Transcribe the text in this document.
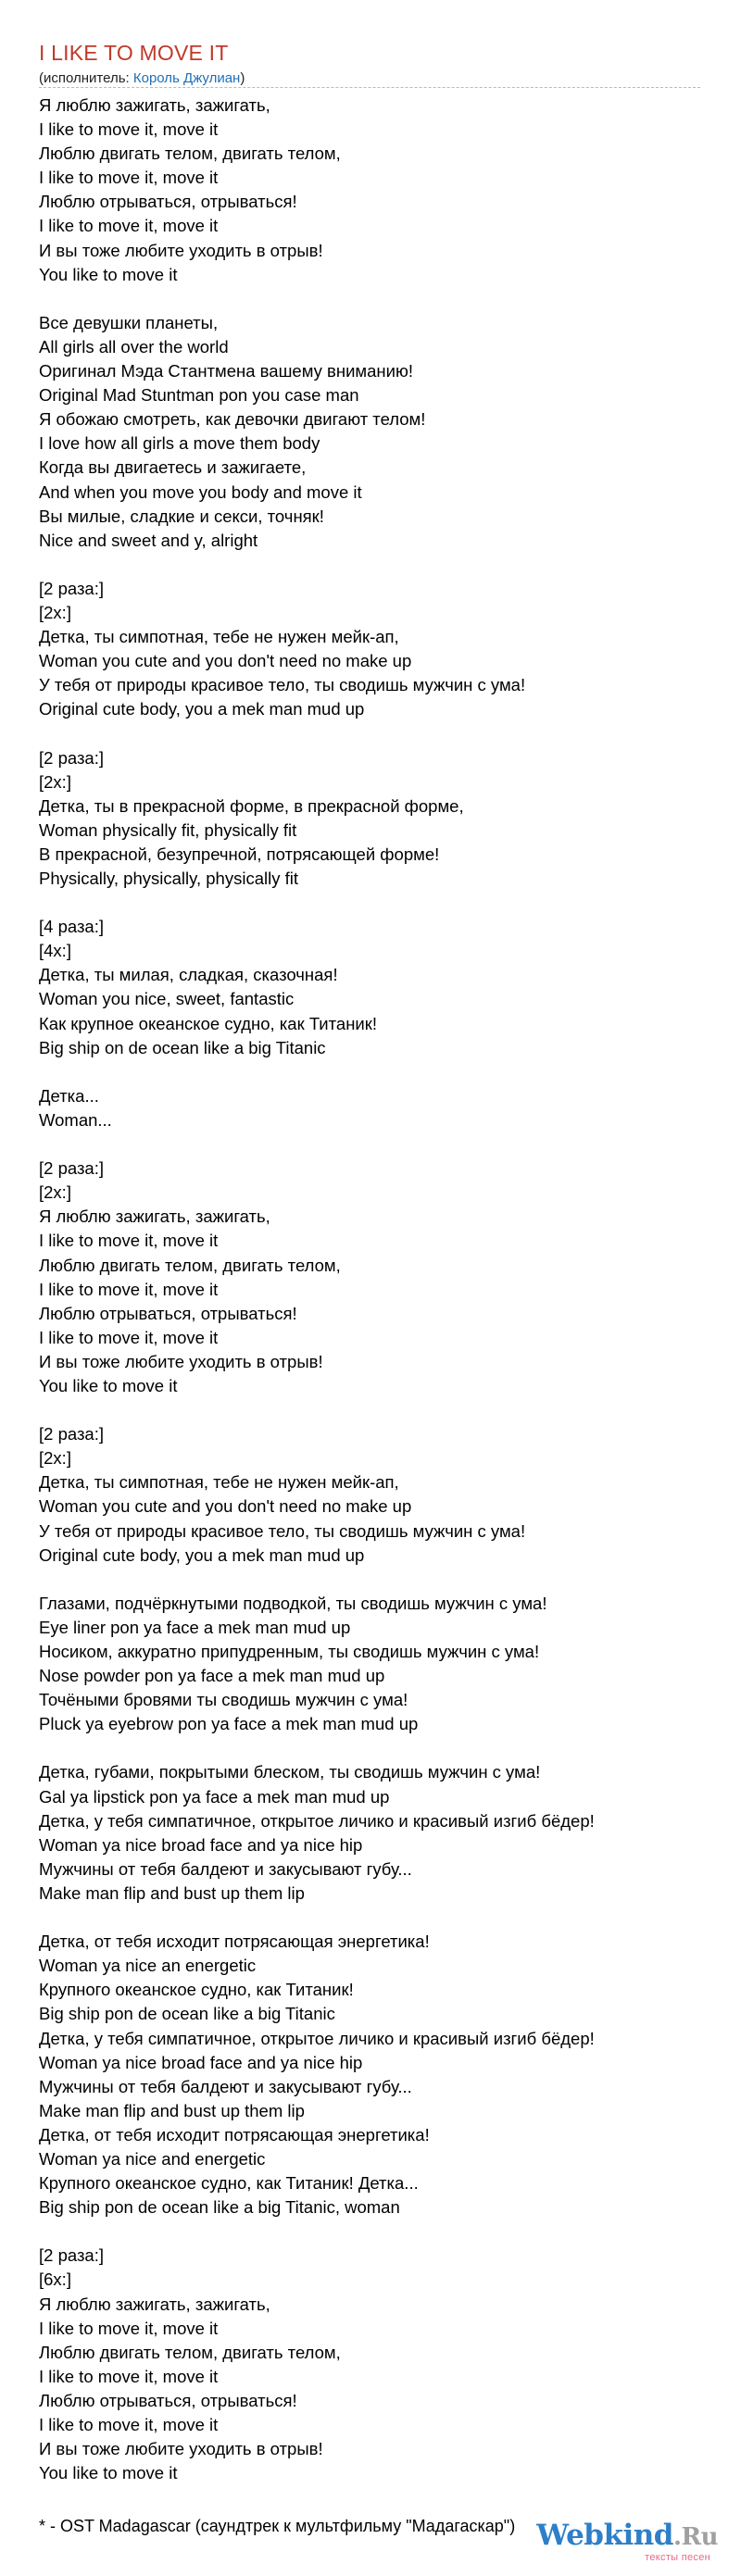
I LIKE TO MOVE IT
(исполнитель: Король Джулиан)
Я люблю зажигать, зажигать,
I like to move it, move it
Люблю двигать телом, двигать телом,
I like to move it, move it
Люблю отрываться, отрываться!
I like to move it, move it
И вы тоже любите уходить в отрыв!
You like to move it
Все девушки планеты,
All girls all over the world
Оригинал Мэда Стантмена вашему вниманию!
Original Mad Stuntman pon you case man
Я обожаю смотреть, как девочки двигают телом!
I love how all girls a move them body
Когда вы двигаетесь и зажигаете,
And when you move you body and move it
Вы милые, сладкие и секси, точняк!
Nice and sweet and y, alright
[2 раза:]
[2x:]
Детка, ты симпотная, тебе не нужен мейк-ап,
Woman you cute and you don't need no make up
У тебя от природы красивое тело, ты сводишь мужчин с ума!
Original cute body, you a mek man mud up
[2 раза:]
[2x:]
Детка, ты в прекрасной форме, в прекрасной форме,
Woman physically fit, physically fit
В прекрасной, безупречной, потрясающей форме!
Physically, physically, physically fit
[4 раза:]
[4x:]
Детка, ты милая, сладкая, сказочная!
Woman you nice, sweet, fantastic
Как крупное океанское судно, как Титаник!
Big ship on de ocean like a big Titanic
Детка...
Woman...
[2 раза:]
[2x:]
Я люблю зажигать, зажигать,
I like to move it, move it
Люблю двигать телом, двигать телом,
I like to move it, move it
Люблю отрываться, отрываться!
I like to move it, move it
И вы тоже любите уходить в отрыв!
You like to move it
[2 раза:]
[2x:]
Детка, ты симпотная, тебе не нужен мейк-ап,
Woman you cute and you don't need no make up
У тебя от природы красивое тело, ты сводишь мужчин с ума!
Original cute body, you a mek man mud up
Глазами, подчёркнутыми подводкой, ты сводишь мужчин с ума!
Eye liner pon ya face a mek man mud up
Носиком, аккуратно припудренным, ты сводишь мужчин с ума!
Nose powder pon ya face a mek man mud up
Точёными бровями ты сводишь мужчин с ума!
Pluck ya eyebrow pon ya face a mek man mud up
Детка, губами, покрытыми блеском, ты сводишь мужчин с ума!
Gal ya lipstick pon ya face a mek man mud up
Детка, у тебя симпатичное, открытое личико и красивый изгиб бёдер!
Woman ya nice broad face and ya nice hip
Мужчины от тебя балдеют и закусывают губу...
Make man flip and bust up them lip
Детка, от тебя исходит потрясающая энергетика!
Woman ya nice an energetic
Крупного океанское судно, как Титаник!
Big ship pon de ocean like a big Titanic
Детка, у тебя симпатичное, открытое личико и красивый изгиб бёдер!
Woman ya nice broad face and ya nice hip
Мужчины от тебя балдеют и закусывают губу...
Make man flip and bust up them lip
Детка, от тебя исходит потрясающая энергетика!
Woman ya nice and energetic
Крупного океанское судно, как Титаник! Детка...
Big ship pon de ocean like a big Titanic, woman
[2 раза:]
[6x:]
Я люблю зажигать, зажигать,
I like to move it, move it
Люблю двигать телом, двигать телом,
I like to move it, move it
Люблю отрываться, отрываться!
I like to move it, move it
И вы тоже любите уходить в отрыв!
You like to move it
* - OST Madagascar (саундтрек к мультфильму "Мадагаскар") Webkind.Ru
тексты песен
